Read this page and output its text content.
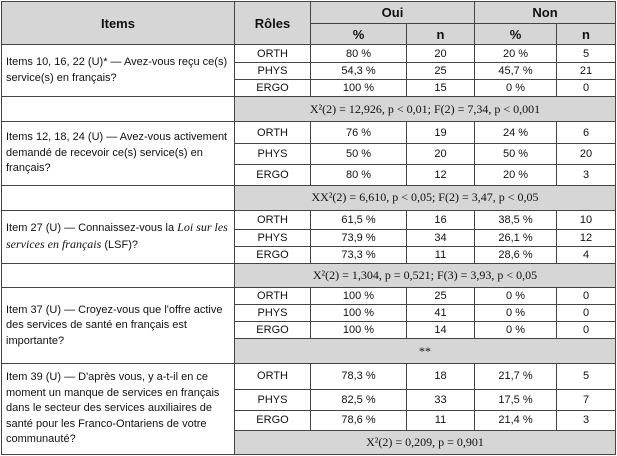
Items	Rôles	Oui		Non	
		%	n	%	n
Items 10, 16, 22 (U)* — Avez-vous reçu ce(s) service(s) en français?	ORTH	80 %	20	20 %	5
	PHYS	54,3 %	25	45,7 %	21
	ERGO	100 %	15	0 %	0
	X²(2) = 12,926, p < 0,01; F(2) = 7,34, p < 0,001				
Items 12, 18, 24 (U) — Avez-vous activement demandé de recevoir ce(s) service(s) en français?	ORTH	76 %	19	24 %	6
	PHYS	50 %	20	50 %	20
	ERGO	80 %	12	20 %	3
	XX²(2) = 6,610, p < 0,05; F(2) = 3,47, p < 0,05				
Item 27 (U) — Connaissez-vous la Loi sur les services en français (LSF)?	ORTH	61,5 %	16	38,5 %	10
	PHYS	73,9 %	34	26,1 %	12
	ERGO	73,3 %	11	28,6 %	4
	X²(2) = 1,304, p = 0,521; F(3) = 3,93, p < 0,05				
Item 37 (U) — Croyez-vous que l'offre active des services de santé en français est importante?	ORTH	100 %	25	0 %	0
	PHYS	100 %	41	0 %	0
	ERGO	100 %	14	0 %	0
	**				
Item 39 (U) — D'après vous, y a-t-il en ce moment un manque de services en français dans le secteur des services auxiliaires de santé pour les Franco-Ontariens de votre communauté?	ORTH	78,3 %	18	21,7 %	5
	PHYS	82,5 %	33	17,5 %	7
	ERGO	78,6 %	11	21,4 %	3
	X²(2) = 0,209, p = 0,901				
